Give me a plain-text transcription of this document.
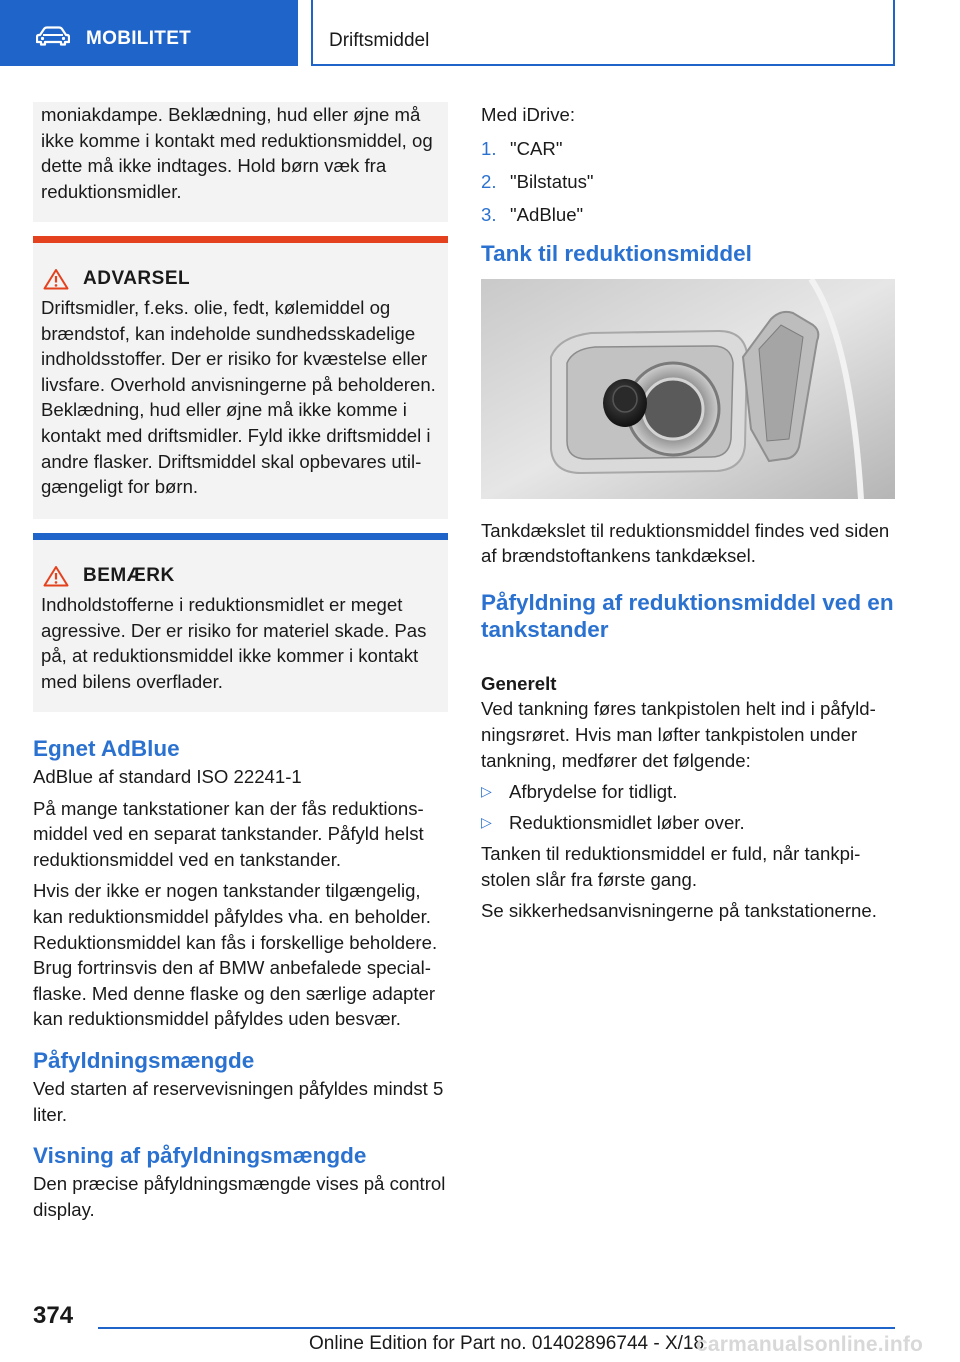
MOBILITET	Driftsmiddel

moniakdampe. Beklædning, hud eller øjne må ikke komme i kontakt med reduktionsmiddel, og dette må ikke indtages. Hold børn væk fra reduktionsmidler.

ADVARSEL

Driftsmidler, f.eks. olie, fedt, kølemiddel og brændstof, kan indeholde sundhedsskadelige indholdsstoffer. Der er risiko for kvæstelse eller livsfare. Overhold anvisningerne på beholderen. Beklædning, hud eller øjne må ikke komme i kontakt med driftsmidler. Fyld ikke driftsmiddel i andre flasker. Driftsmiddel skal opbevares utilgængeligt for børn.

BEMÆRK

Indholdstofferne i reduktionsmidlet er meget agressive. Der er risiko for materiel skade. Pas på, at reduktionsmiddel ikke kommer i kontakt med bilens overflader.

Egnet AdBlue

AdBlue af standard ISO 22241-1

På mange tankstationer kan der fås reduktionsmiddel ved en separat tankstander. Påfyld helst reduktionsmiddel ved en tankstander.

Hvis der ikke er nogen tankstander tilgængelig, kan reduktionsmiddel påfyldes vha. en beholder. Reduktionsmiddel kan fås i forskellige beholdere. Brug fortrinsvis den af BMW anbefalede specialflaske. Med denne flaske og den særlige adapter kan reduktionsmiddel påfyldes uden besvær.

Påfyldningsmængde

Ved starten af reservevisningen påfyldes mindst 5 liter.

Visning af påfyldningsmængde

Den præcise påfyldningsmængde vises på control display.

Med iDrive:

1. "CAR"
2. "Bilstatus"
3. "AdBlue"
Tank til reduktionsmiddel

Tankdækslet til reduktionsmiddel findes ved siden af brændstoftankens tankdæksel.

Påfyldning af reduktionsmiddel ved en tankstander
Generelt

Ved tankning føres tankpistolen helt ind i påfyldningsrøret. Hvis man løfter tankpistolen under tankning, medfører det følgende:

▷ Afbrydelse for tidligt.
▷ Reduktionsmidlet løber over.

Tanken til reduktionsmiddel er fuld, når tankpistolen slår fra første gang.

Se sikkerhedsanvisningerne på tankstationerne.

374
Online Edition for Part no. 01402896744 - X/18
carmanualsonline.info
